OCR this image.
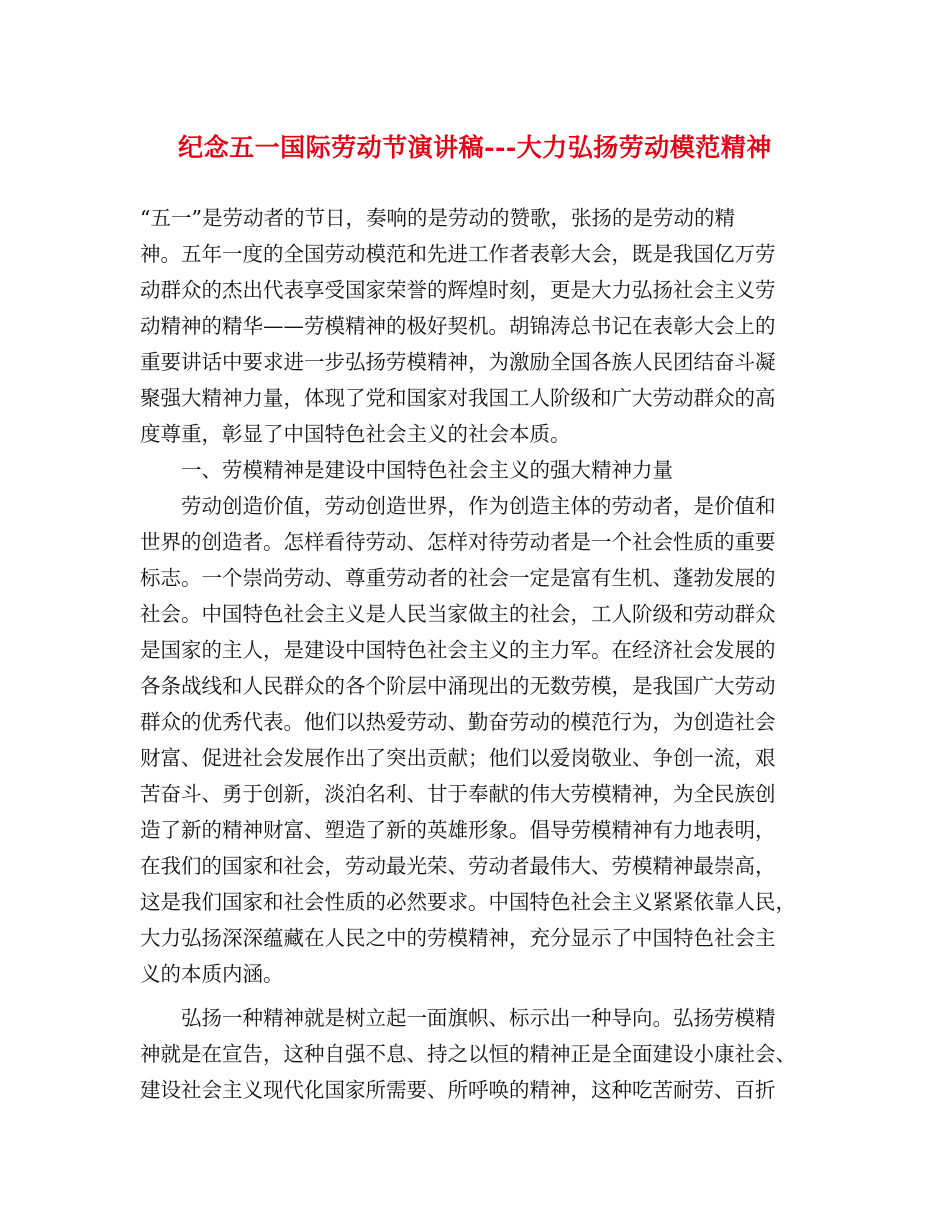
纪念五一国际劳动节演讲稿---大力弘扬劳动模范精神
“五一”是劳动者的节日，奏响的是劳动的赞歌，张扬的是劳动的精
神。五年一度的全国劳动模范和先进工作者表彰大会，既是我国亿万劳
动群众的杰出代表享受国家荣誉的辉煌时刻，更是大力弘扬社会主义劳
动精神的精华——劳模精神的极好契机。胡锦涛总书记在表彰大会上的
重要讲话中要求进一步弘扬劳模精神，为激励全国各族人民团结奋斗凝
聚强大精神力量，体现了党和国家对我国工人阶级和广大劳动群众的高
度尊重，彰显了中国特色社会主义的社会本质。
　　一、劳模精神是建设中国特色社会主义的强大精神力量
　　劳动创造价值，劳动创造世界，作为创造主体的劳动者，是价值和
世界的创造者。怎样看待劳动、怎样对待劳动者是一个社会性质的重要
标志。一个崇尚劳动、尊重劳动者的社会一定是富有生机、蓬勃发展的
社会。中国特色社会主义是人民当家做主的社会，工人阶级和劳动群众
是国家的主人，是建设中国特色社会主义的主力军。在经济社会发展的
各条战线和人民群众的各个阶层中涌现出的无数劳模，是我国广大劳动
群众的优秀代表。他们以热爱劳动、勤奋劳动的模范行为，为创造社会
财富、促进社会发展作出了突出贡献；他们以爱岗敬业、争创一流，艰
苦奋斗、勇于创新，淡泊名利、甘于奉献的伟大劳模精神，为全民族创
造了新的精神财富、塑造了新的英雄形象。倡导劳模精神有力地表明，
在我们的国家和社会，劳动最光荣、劳动者最伟大、劳模精神最崇高，
这是我们国家和社会性质的必然要求。中国特色社会主义紧紧依靠人民，
大力弘扬深深蕴藏在人民之中的劳模精神，充分显示了中国特色社会主
义的本质内涵。
　　弘扬一种精神就是树立起一面旗帜、标示出一种导向。弘扬劳模精
神就是在宣告，这种自强不息、持之以恒的精神正是全面建设小康社会、
建设社会主义现代化国家所需要、所呼唤的精神，这种吃苦耐劳、百折
